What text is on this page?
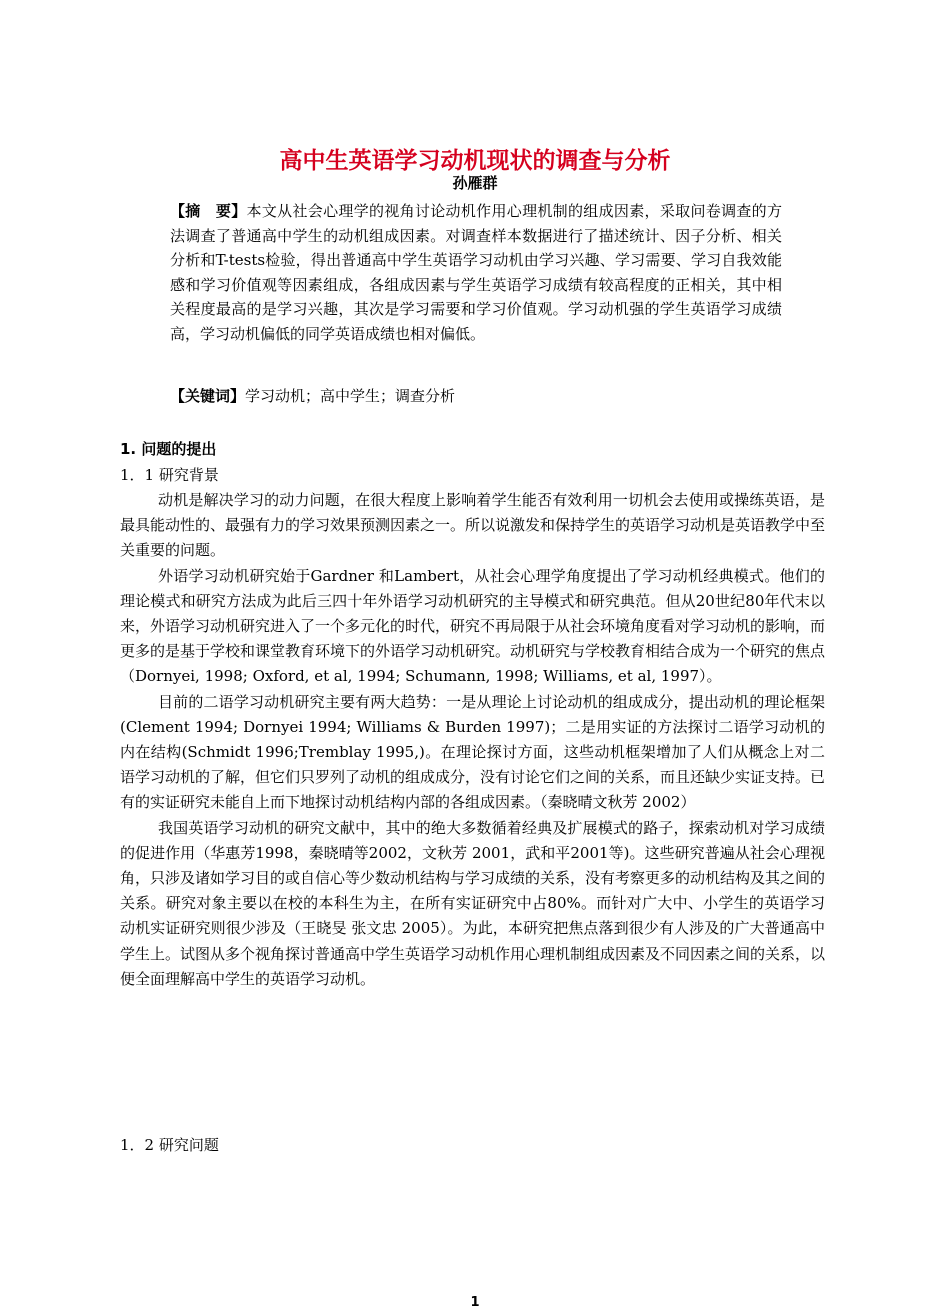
高中生英语学习动机现状的调查与分析
孙雁群
【摘　要】本文从社会心理学的视角讨论动机作用心理机制的组成因素，采取问卷调查的方法调查了普通高中学生的动机组成因素。对调查样本数据进行了描述统计、因子分析、相关分析和T-tests检验，得出普通高中学生英语学习动机由学习兴趣、学习需要、学习自我效能感和学习价值观等因素组成，各组成因素与学生英语学习成绩有较高程度的正相关，其中相关程度最高的是学习兴趣，其次是学习需要和学习价值观。学习动机强的学生英语学习成绩高，学习动机偏低的同学英语成绩也相对偏低。
【关键词】学习动机；高中学生；调查分析
1. 问题的提出
1．1 研究背景

动机是解决学习的动力问题，在很大程度上影响着学生能否有效利用一切机会去使用或操练英语，是最具能动性的、最强有力的学习效果预测因素之一。所以说激发和保持学生的英语学习动机是英语教学中至关重要的问题。

外语学习动机研究始于Gardner 和Lambert，从社会心理学角度提出了学习动机经典模式。他们的理论模式和研究方法成为此后三四十年外语学习动机研究的主导模式和研究典范。但从20世纪80年代末以来，外语学习动机研究进入了一个多元化的时代，研究不再局限于从社会环境角度看对学习动机的影响，而更多的是基于学校和课堂教育环境下的外语学习动机研究。动机研究与学校教育相结合成为一个研究的焦点（Dornyei, 1998; Oxford, et al, 1994; Schumann, 1998; Williams, et al, 1997）。

目前的二语学习动机研究主要有两大趋势：一是从理论上讨论动机的组成成分，提出动机的理论框架(Clement 1994; Dornyei 1994; Williams & Burden 1997)；二是用实证的方法探讨二语学习动机的内在结构(Schmidt 1996;Tremblay 1995,)。在理论探讨方面，这些动机框架增加了人们从概念上对二语学习动机的了解，但它们只罗列了动机的组成成分，没有讨论它们之间的关系，而且还缺少实证支持。已有的实证研究未能自上而下地探讨动机结构内部的各组成因素。（秦晓晴文秋芳 2002）

我国英语学习动机的研究文献中，其中的绝大多数循着经典及扩展模式的路子，探索动机对学习成绩的促进作用（华惠芳1998，秦晓晴等2002，文秋芳 2001，武和平2001等)。这些研究普遍从社会心理视角，只涉及诸如学习目的或自信心等少数动机结构与学习成绩的关系，没有考察更多的动机结构及其之间的关系。研究对象主要以在校的本科生为主，在所有实证研究中占80%。而针对广大中、小学生的英语学习动机实证研究则很少涉及（王晓旻 张文忠 2005）。为此，本研究把焦点落到很少有人涉及的广大普通高中学生上。试图从多个视角探讨普通高中学生英语学习动机作用心理机制组成因素及不同因素之间的关系，以便全面理解高中学生的英语学习动机。

1．2 研究问题
1
